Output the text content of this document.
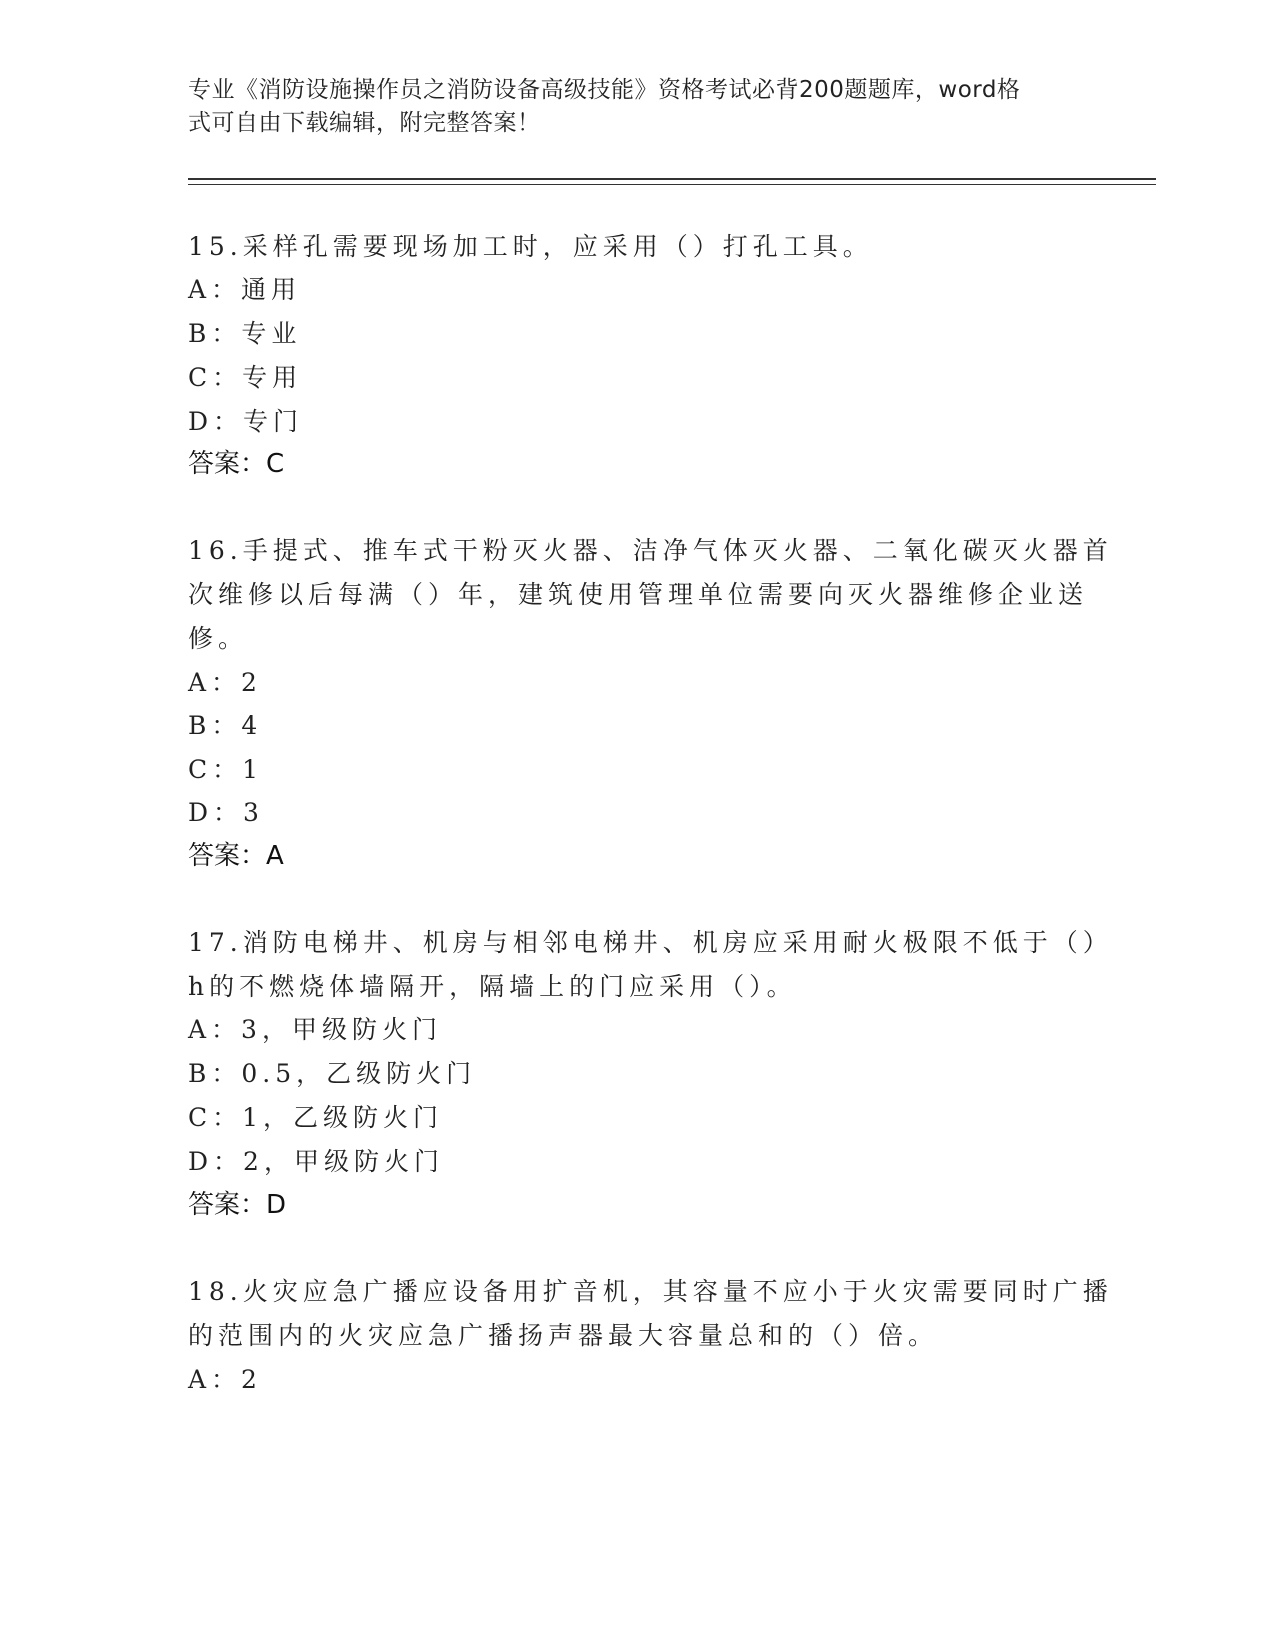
专业《消防设施操作员之消防设备高级技能》资格考试必背200题题库，word格
式可自由下载编辑，附完整答案！
15.采样孔需要现场加工时，应采用（）打孔工具。
A：通用
B：专业
C：专用
D：专门
答案：C
16.手提式、推车式干粉灭火器、洁净气体灭火器、二氧化碳灭火器首
次维修以后每满（）年，建筑使用管理单位需要向灭火器维修企业送
修。
A：2
B：4
C：1
D：3
答案：A
17.消防电梯井、机房与相邻电梯井、机房应采用耐火极限不低于（）
h的不燃烧体墙隔开，隔墙上的门应采用（）。
A：3，甲级防火门
B：0.5，乙级防火门
C：1，乙级防火门
D：2，甲级防火门
答案：D
18.火灾应急广播应设备用扩音机，其容量不应小于火灾需要同时广播
的范围内的火灾应急广播扬声器最大容量总和的（）倍。
A：2
